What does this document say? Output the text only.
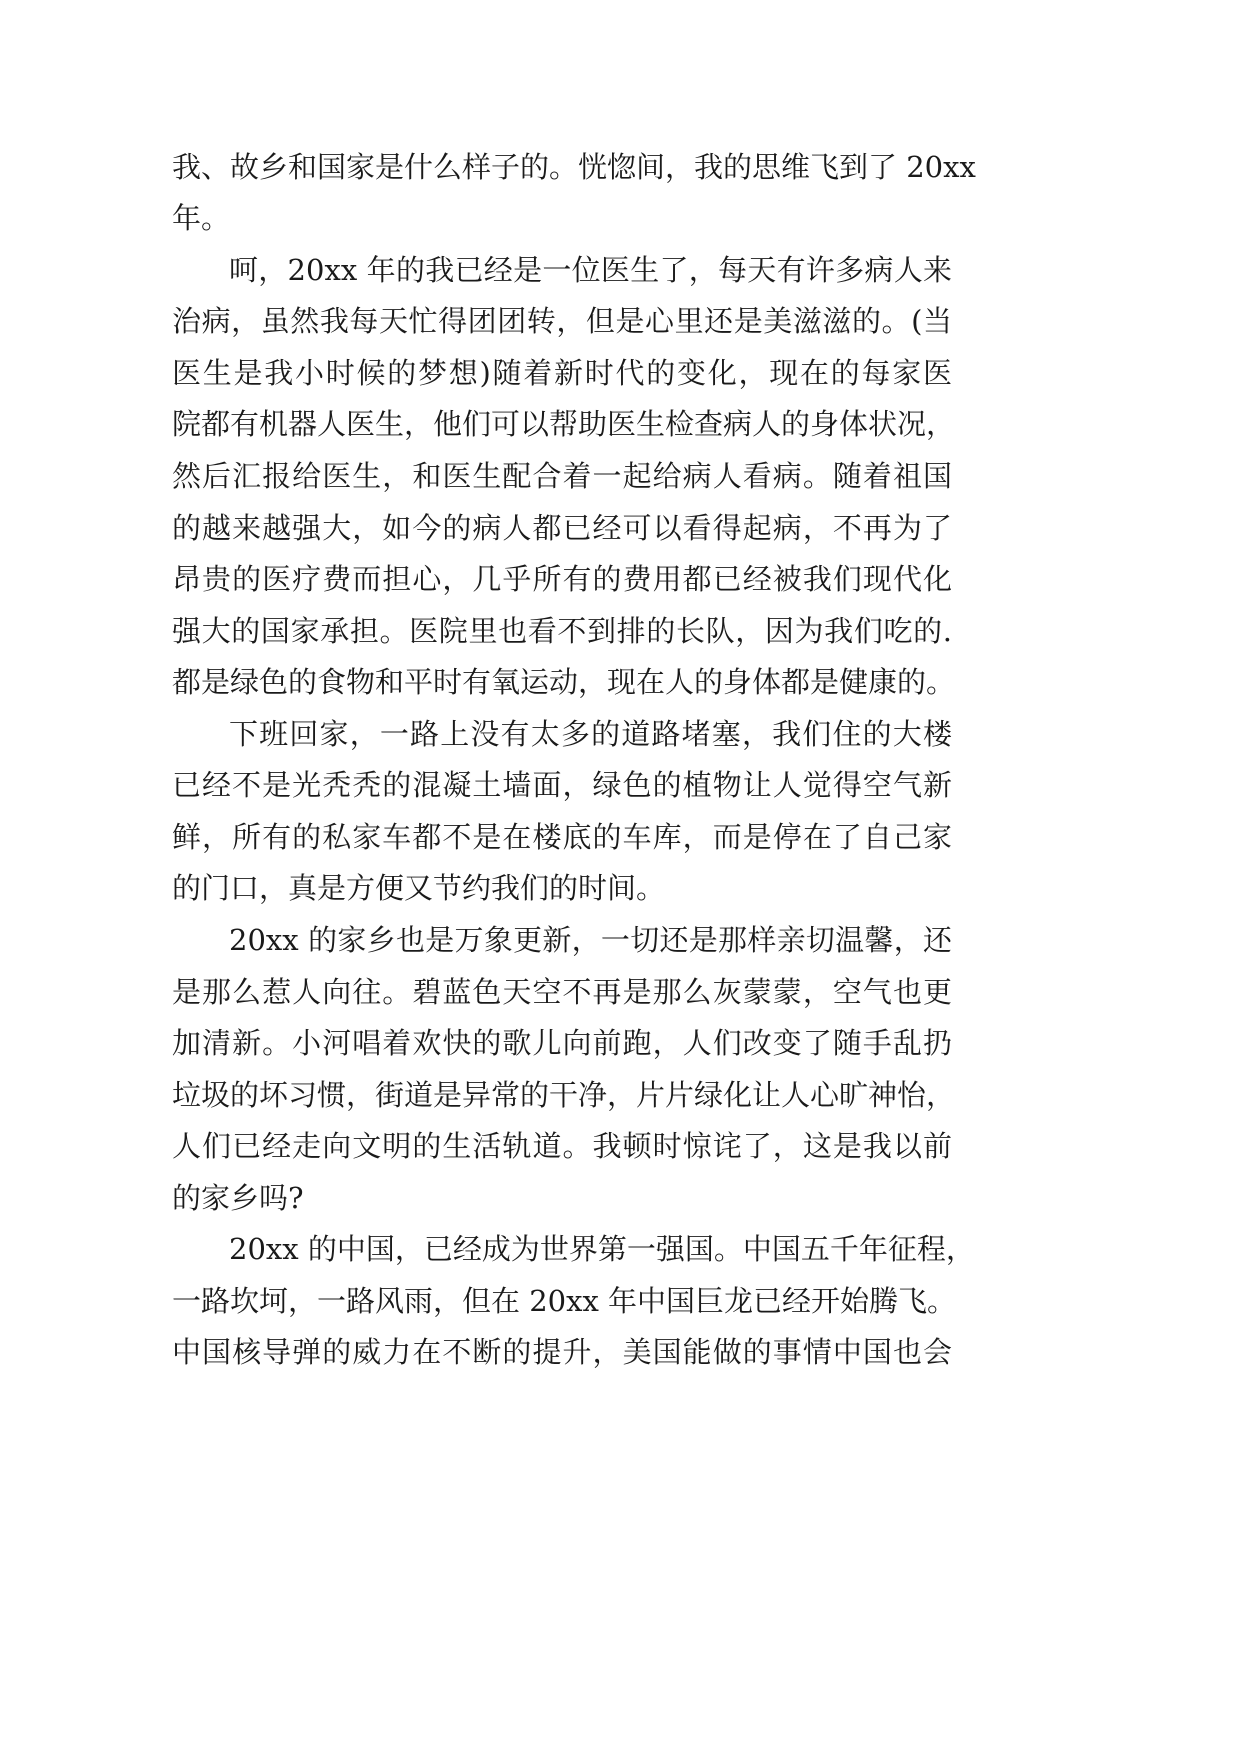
我、故乡和国家是什么样子的。恍惚间，我的思维飞到了 20xx

年。

呵，20xx 年的我已经是一位医生了，每天有许多病人来

治病，虽然我每天忙得团团转，但是心里还是美滋滋的。(当

医生是我小时候的梦想)随着新时代的变化，现在的每家医

院都有机器人医生，他们可以帮助医生检查病人的身体状况，

然后汇报给医生，和医生配合着一起给病人看病。随着祖国

的越来越强大，如今的病人都已经可以看得起病，不再为了

昂贵的医疗费而担心，几乎所有的费用都已经被我们现代化

强大的国家承担。医院里也看不到排的长队，因为我们吃的.

都是绿色的食物和平时有氧运动，现在人的身体都是健康的。

下班回家，一路上没有太多的道路堵塞，我们住的大楼

已经不是光秃秃的混凝土墙面，绿色的植物让人觉得空气新

鲜，所有的私家车都不是在楼底的车库，而是停在了自己家

的门口，真是方便又节约我们的时间。

20xx 的家乡也是万象更新，一切还是那样亲切温馨，还

是那么惹人向往。碧蓝色天空不再是那么灰蒙蒙，空气也更

加清新。小河唱着欢快的歌儿向前跑，人们改变了随手乱扔

垃圾的坏习惯，街道是异常的干净，片片绿化让人心旷神怡，

人们已经走向文明的生活轨道。我顿时惊诧了，这是我以前

的家乡吗?

20xx 的中国，已经成为世界第一强国。中国五千年征程，

一路坎坷，一路风雨，但在 20xx 年中国巨龙已经开始腾飞。

中国核导弹的威力在不断的提升，美国能做的事情中国也会
